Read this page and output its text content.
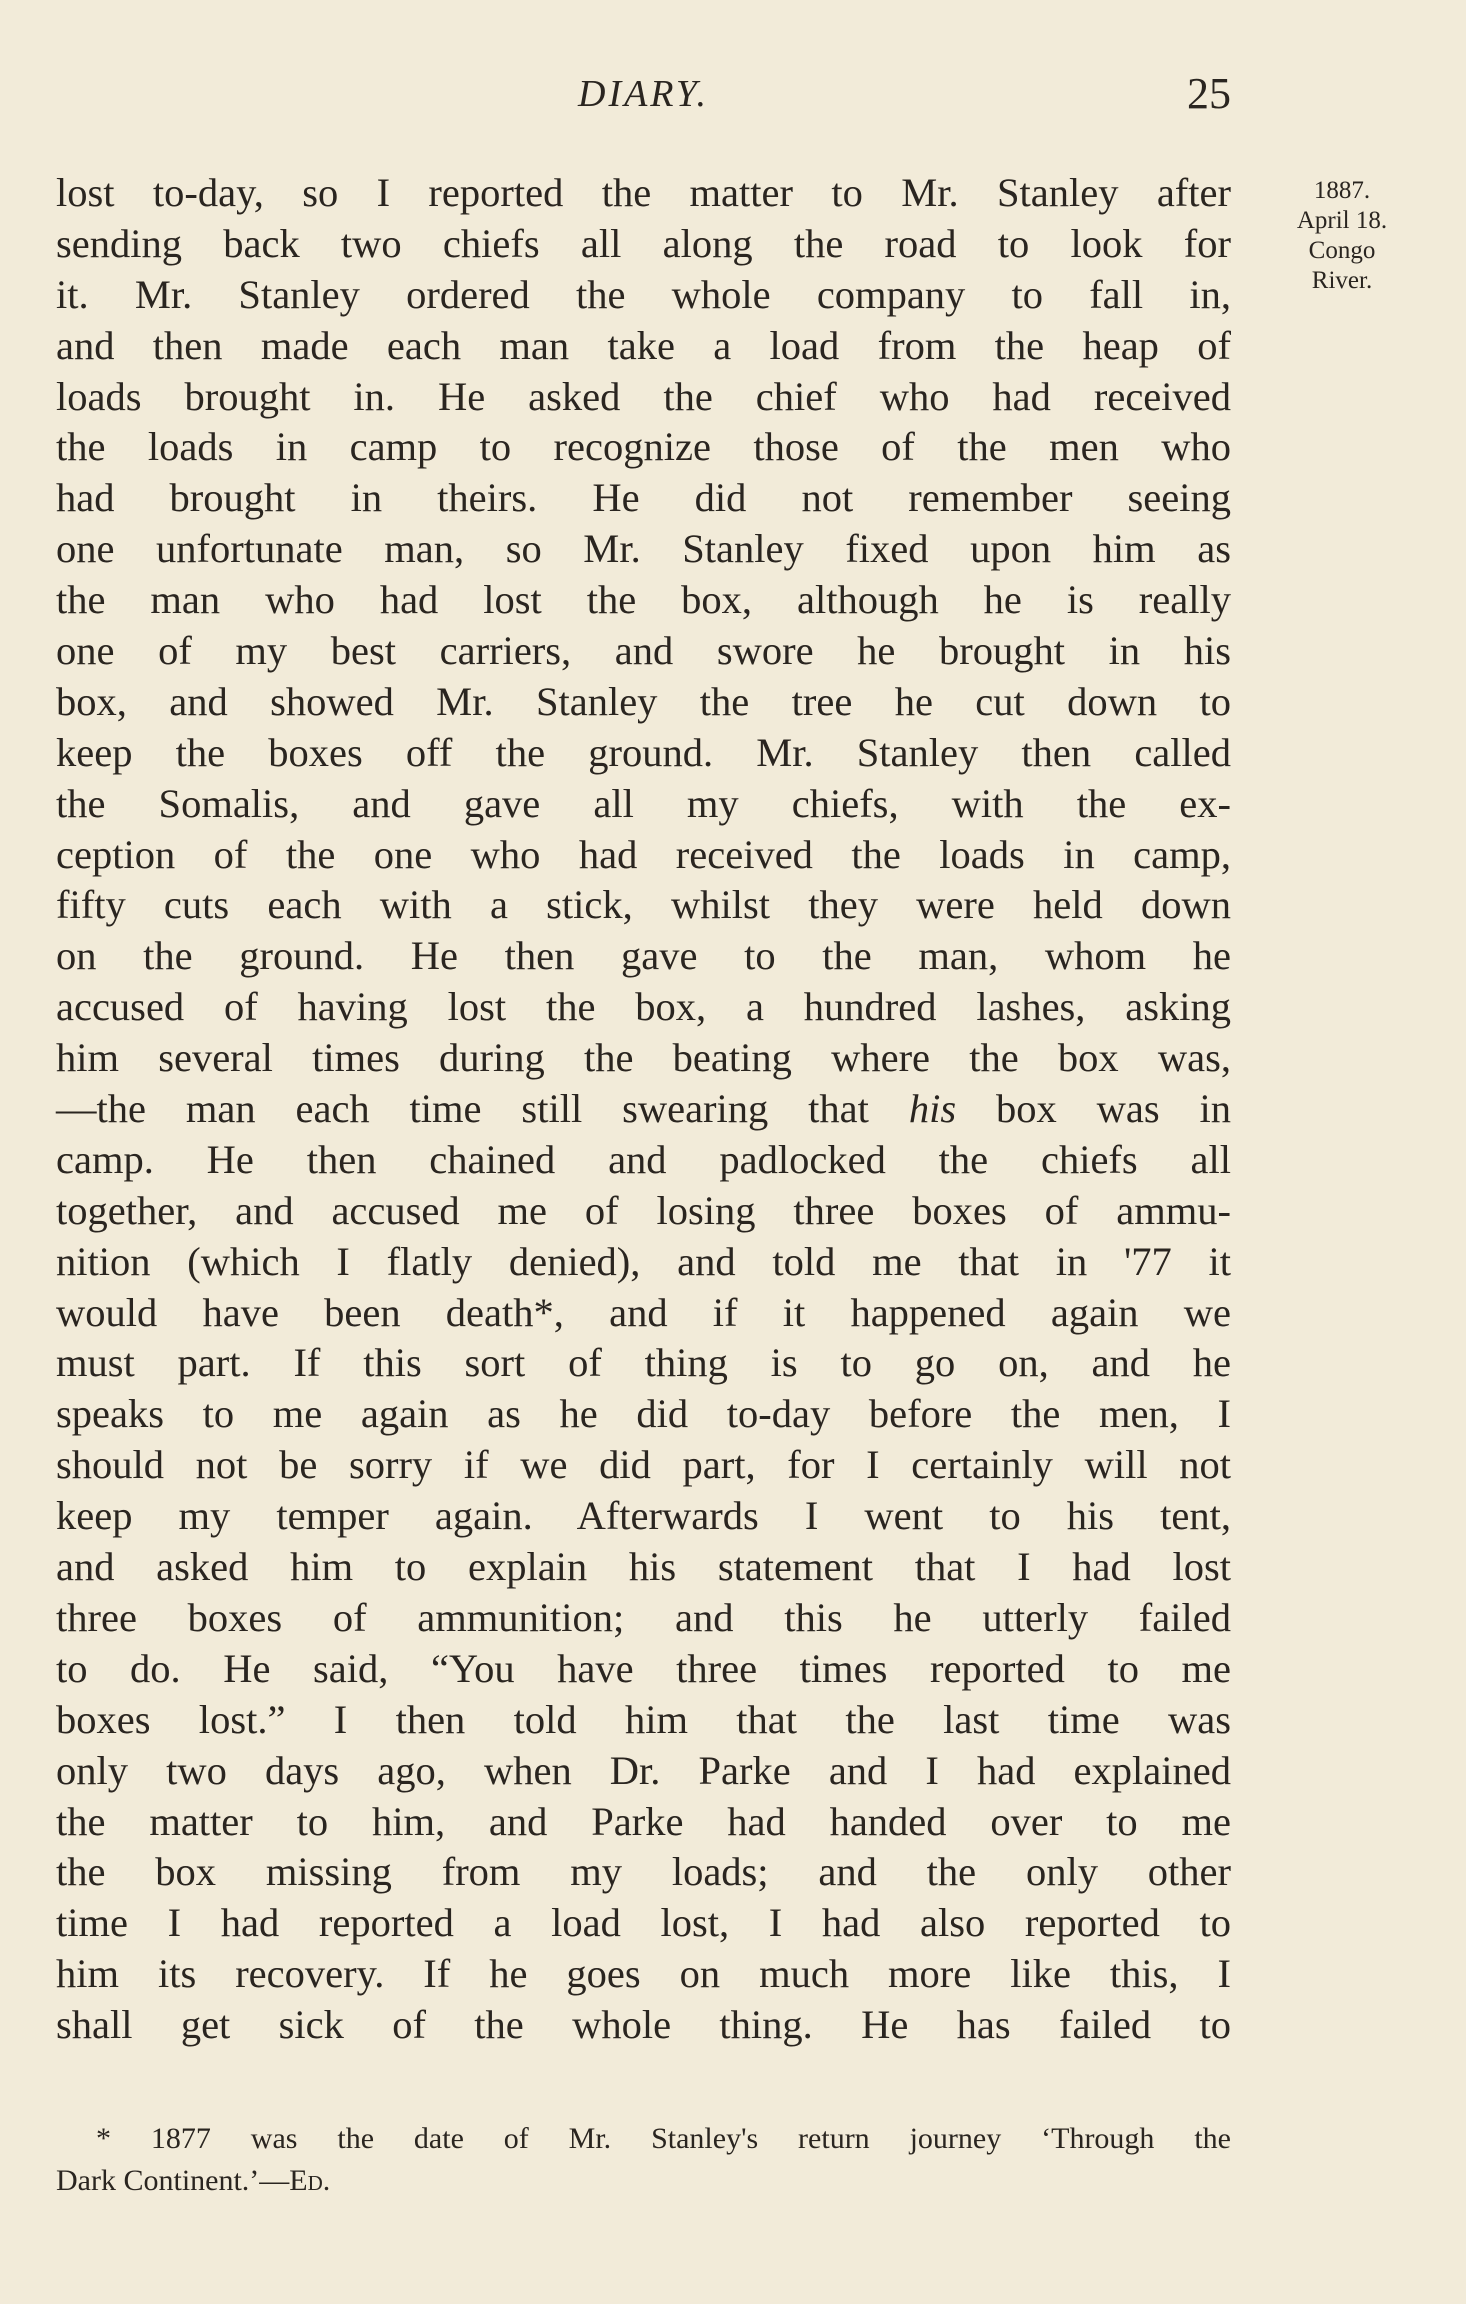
DIARY.	25
1887.
April 18.
Congo
River.
lost to-day, so I reported the matter to Mr. Stanley after
sending back two chiefs all along the road to look for
it. Mr. Stanley ordered the whole company to fall in,
and then made each man take a load from the heap of
loads brought in. He asked the chief who had received
the loads in camp to recognize those of the men who
had brought in theirs. He did not remember seeing
one unfortunate man, so Mr. Stanley fixed upon him as
the man who had lost the box, although he is really
one of my best carriers, and swore he brought in his
box, and showed Mr. Stanley the tree he cut down to
keep the boxes off the ground. Mr. Stanley then called
the Somalis, and gave all my chiefs, with the ex-
ception of the one who had received the loads in camp,
fifty cuts each with a stick, whilst they were held down
on the ground. He then gave to the man, whom he
accused of having lost the box, a hundred lashes, asking
him several times during the beating where the box was,
—the man each time still swearing that his box was in
camp. He then chained and padlocked the chiefs all
together, and accused me of losing three boxes of ammu-
nition (which I flatly denied), and told me that in '77 it
would have been death*, and if it happened again we
must part. If this sort of thing is to go on, and he
speaks to me again as he did to-day before the men, I
should not be sorry if we did part, for I certainly will not
keep my temper again. Afterwards I went to his tent,
and asked him to explain his statement that I had lost
three boxes of ammunition; and this he utterly failed
to do. He said, “You have three times reported to me
boxes lost.” I then told him that the last time was
only two days ago, when Dr. Parke and I had explained
the matter to him, and Parke had handed over to me
the box missing from my loads; and the only other
time I had reported a load lost, I had also reported to
him its recovery. If he goes on much more like this, I
shall get sick of the whole thing. He has failed to
* 1877 was the date of Mr. Stanley's return journey ‘Through the
Dark Continent.’—Ed.
